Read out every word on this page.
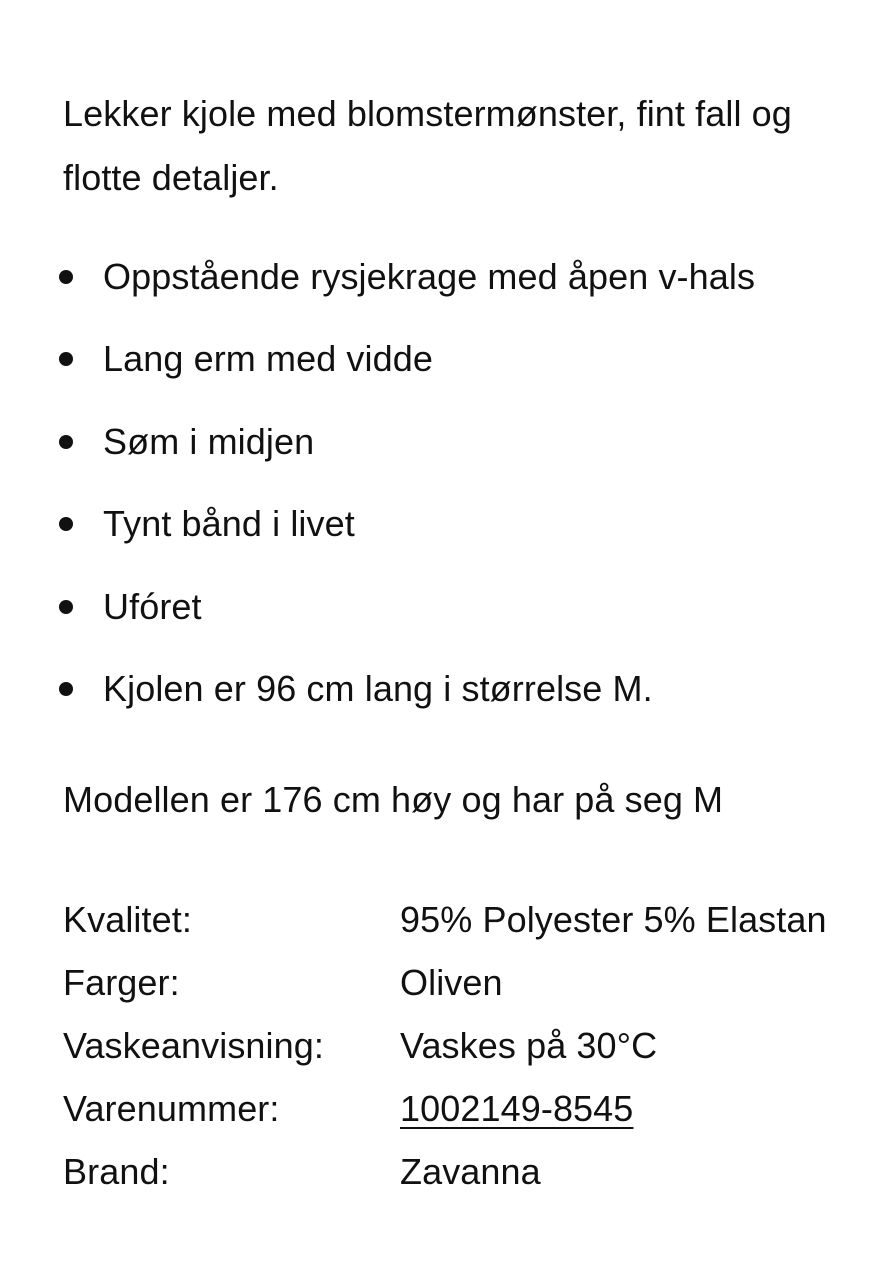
Lekker kjole med blomstermønster, fint fall og flotte detaljer.

Oppstående rysjekrage med åpen v-hals
Lang erm med vidde
Søm i midjen
Tynt bånd i livet
Ufóret
Kjolen er 96 cm lang i størrelse M.

Modellen er 176 cm høy og har på seg M

Kvalitet:	95% Polyester 5% Elastan
Farger:	Oliven
Vaskeanvisning:	Vaskes på 30°C
Varenummer:	1002149-8545
Brand:	Zavanna
